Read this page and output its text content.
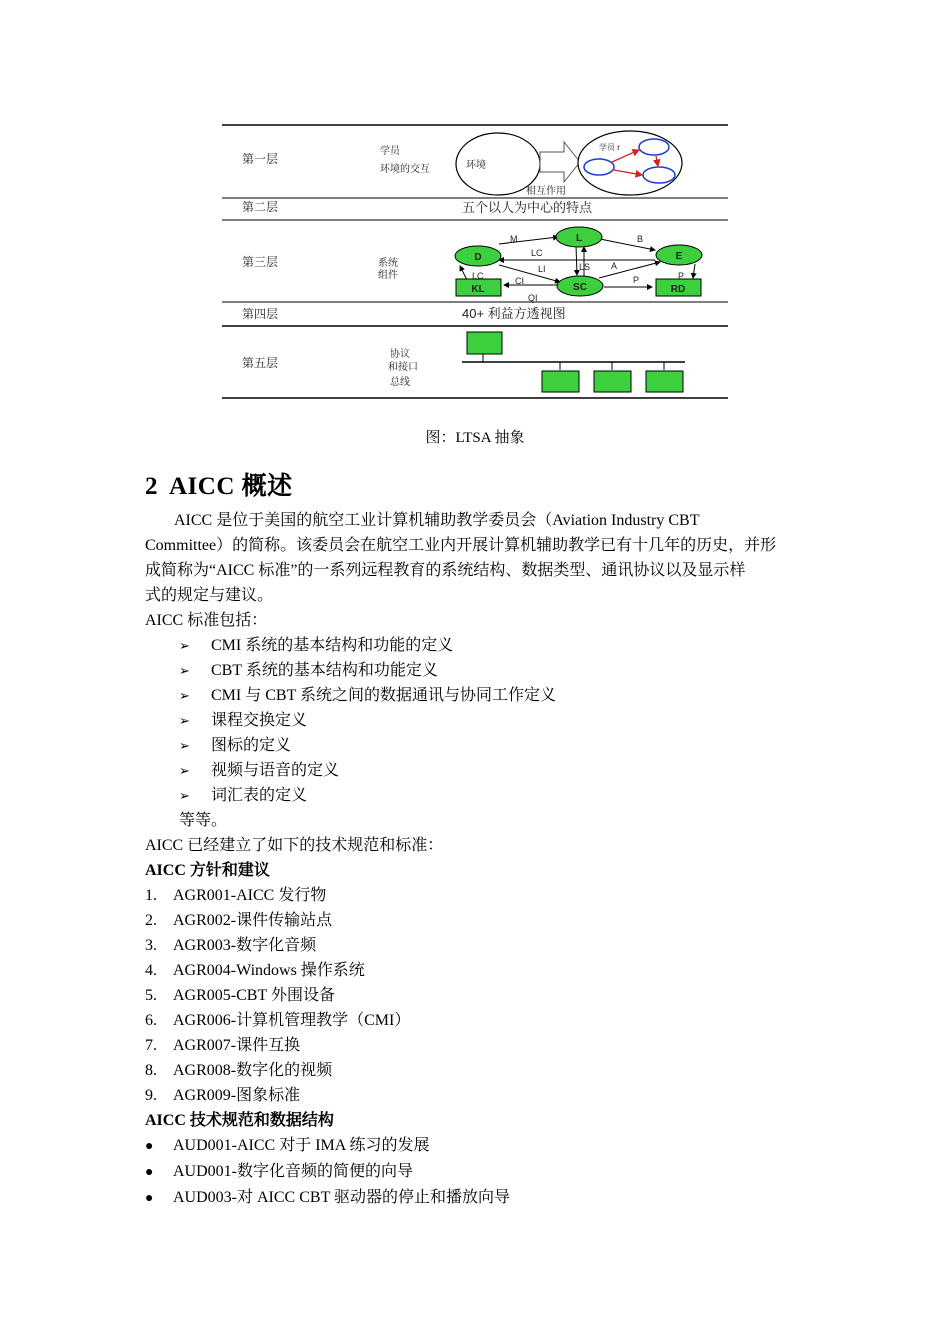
第一层
第二层
第三层
第四层
第五层
学员
环境的交互	环境
相互作用
学员 r
五个以人为中心的特点
系统
组件
D
L
E
SC
KL	RD
M	B
LC
LI	LS A
LC	CI
QI
P	P
40+ 利益方透视图
协议
和接口
总线
图：LTSA 抽象
2 AICC 概述

AICC 是位于美国的航空工业计算机辅助教学委员会（Aviation Industry CBT

Committee）的简称。该委员会在航空工业内开展计算机辅助教学已有十几年的历史，并形

成简称为“AICC 标准”的一系列远程教育的系统结构、数据类型、通讯协议以及显示样

式的规定与建议。

AICC 标准包括：

➢	CMI 系统的基本结构和功能的定义
➢	CBT 系统的基本结构和功能定义
➢	CMI 与 CBT 系统之间的数据通讯与协同工作定义
➢	课程交换定义
➢	图标的定义
➢	视频与语音的定义
➢	词汇表的定义

等等。

AICC 已经建立了如下的技术规范和标准：

AICC 方针和建议

1.	AGR001-AICC 发行物
2.	AGR002-课件传输站点
3.	AGR003-数字化音频
4.	AGR004-Windows 操作系统
5.	AGR005-CBT 外围设备
6.	AGR006-计算机管理教学（CMI）
7.	AGR007-课件互换
8.	AGR008-数字化的视频
9.	AGR009-图象标准

AICC 技术规范和数据结构

●	AUD001-AICC 对于 IMA 练习的发展
●	AUD001-数字化音频的简便的向导
●	AUD003-对 AICC CBT 驱动器的停止和播放向导
